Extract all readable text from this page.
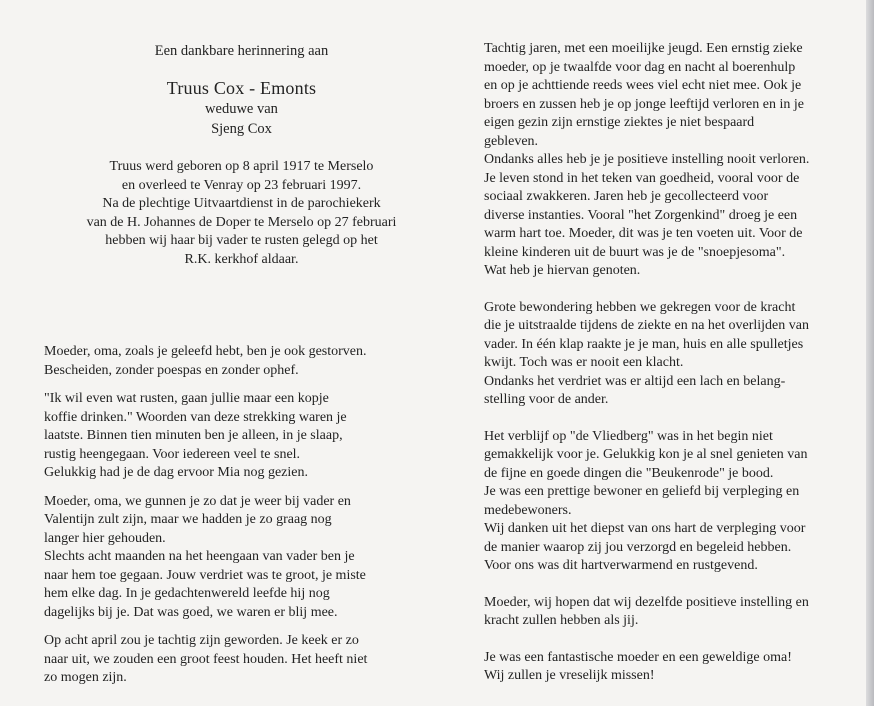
Een dankbare herinnering aan
Truus Cox - Emonts
weduwe van
Sjeng Cox
Truus werd geboren op 8 april 1917 te Merselo
en overleed te Venray op 23 februari 1997.
Na de plechtige Uitvaartdienst in de parochiekerk
van de H. Johannes de Doper te Merselo op 27 februari
hebben wij haar bij vader te rusten gelegd op het
R.K. kerkhof aldaar.
Moeder, oma, zoals je geleefd hebt, ben je ook gestorven.
Bescheiden, zonder poespas en zonder ophef.
"Ik wil even wat rusten, gaan jullie maar een kopje
koffie drinken." Woorden van deze strekking waren je
laatste. Binnen tien minuten ben je alleen, in je slaap,
rustig heengegaan. Voor iedereen veel te snel.
Gelukkig had je de dag ervoor Mia nog gezien.
Moeder, oma, we gunnen je zo dat je weer bij vader en
Valentijn zult zijn, maar we hadden je zo graag nog
langer hier gehouden.
Slechts acht maanden na het heengaan van vader ben je
naar hem toe gegaan. Jouw verdriet was te groot, je miste
hem elke dag. In je gedachtenwereld leefde hij nog
dagelijks bij je. Dat was goed, we waren er blij mee.
Op acht april zou je tachtig zijn geworden. Je keek er zo
naar uit, we zouden een groot feest houden. Het heeft niet
zo mogen zijn.
Tachtig jaren, met een moeilijke jeugd. Een ernstig zieke
moeder, op je twaalfde voor dag en nacht al boerenhulp
en op je achttiende reeds wees viel echt niet mee. Ook je
broers en zussen heb je op jonge leeftijd verloren en in je
eigen gezin zijn ernstige ziektes je niet bespaard
gebleven.
Ondanks alles heb je je positieve instelling nooit verloren.
Je leven stond in het teken van goedheid, vooral voor de
sociaal zwakkeren. Jaren heb je gecollecteerd voor
diverse instanties. Vooral "het Zorgenkind" droeg je een
warm hart toe. Moeder, dit was je ten voeten uit. Voor de
kleine kinderen uit de buurt was je de "snoepjesoma".
Wat heb je hiervan genoten.
Grote bewondering hebben we gekregen voor de kracht
die je uitstraalde tijdens de ziekte en na het overlijden van
vader. In één klap raakte je je man, huis en alle spulletjes
kwijt. Toch was er nooit een klacht.
Ondanks het verdriet was er altijd een lach en belang-
stelling voor de ander.
Het verblijf op "de Vliedberg" was in het begin niet
gemakkelijk voor je. Gelukkig kon je al snel genieten van
de fijne en goede dingen die "Beukenrode" je bood.
Je was een prettige bewoner en geliefd bij verpleging en
medebewoners.
Wij danken uit het diepst van ons hart de verpleging voor
de manier waarop zij jou verzorgd en begeleid hebben.
Voor ons was dit hartverwarmend en rustgevend.
Moeder, wij hopen dat wij dezelfde positieve instelling en
kracht zullen hebben als jij.
Je was een fantastische moeder en een geweldige oma!
Wij zullen je vreselijk missen!
